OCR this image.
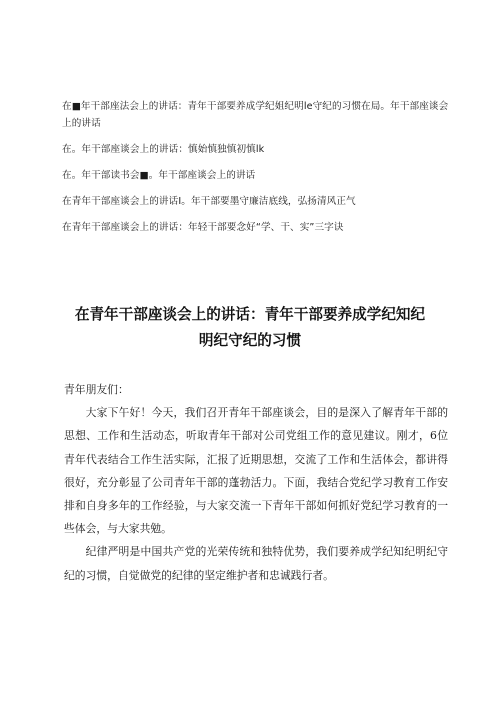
在■年干部座法会上的讲话：青年干部要养成学纪姐纪明le守纪的习惯在局。年干部座谈会上的讲话

在。年干部座谈会上的讲话：慎始慎独慎初慎lk

在。年干部读书会■。年干部座谈会上的讲话

在青年干部座谈会上的讲话I。年干部要墨守廉洁底线，弘扬清风正气

在青年干部座谈会上的讲话：年轻干部要念好“学、干、实”三字诀

在青年干部座谈会上的讲话：青年干部要养成学纪知纪
明纪守纪的习惯

青年朋友们：

大家下午好！今天，我们召开青年干部座谈会，目的是深入了解青年干部的思想、工作和生活动态，听取青年干部对公司党组工作的意见建议。刚才，6位青年代表结合工作生活实际，汇报了近期思想，交流了工作和生活体会，都讲得很好，充分彰显了公司青年干部的蓬勃活力。下面，我结合党纪学习教育工作安排和自身多年的工作经验，与大家交流一下青年干部如何抓好党纪学习教育的一些体会，与大家共勉。

纪律严明是中国共产党的光荣传统和独特优势，我们要养成学纪知纪明纪守纪的习惯，自觉做党的纪律的坚定维护者和忠诚践行者。
